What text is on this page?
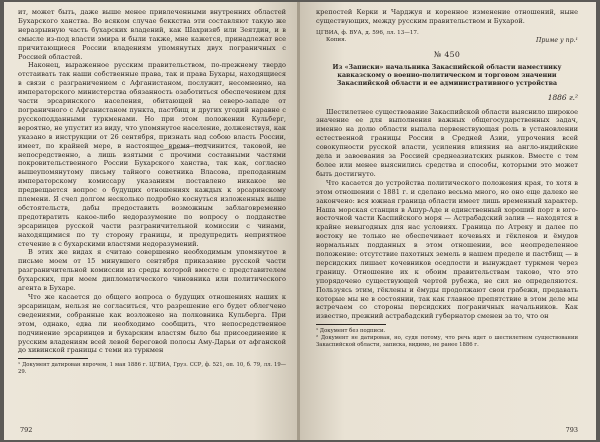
ит, может быть, даже выше менее привлеченными внутренних областей Бухарского ханства. Во всяком случае беккства эти составляют такую же неразрывную часть бухарских владений, как Шахризяб или Зеятдин, и в смысле из-под власти эмира и были также, мне кажется, принадлежат все причитающиеся России владениям упомянутых двух пограничных с Россией областей.

Наконец, выраженное русским правительством, по-прежнему твердо отстаивать так наши собственные права, так и права Бухары, находящиеся в связи с разграничением с Афганистаном, послужит, несомненно, на императорского министерства обязанность озаботиться обеспечением для части эрсаринского населения, обитающей на северо-западе от пограничного с Афганистаном пункта, пастбищ и других угодий наравне с русскоподданными туркменами. Но при этом положении Кульберг, вероятно, не упустит из виду, что упомянутое население, долженствуя, как указано в инструкции от 26 сентября, признать над собою власть России, имеет, по крайней мере, в настоящее время подчинится, таковой, не непосредственно, а лишь взятыми с прочими составными частями покровительственного России Бухарского ханства, так как, согласно вышеупомянутому письму тайного советника Власова, преподанным императорскому комиссару указаниям поставлено никакое не предвещается вопрос о будущих отношениях каждых к эрсаринскому племени. Я счел долгом несколько подробно коснуться изложенных выше обстоятельств, дабы предоставить возможным заблаговременно предотвратить какое-либо недоразумение по вопросу о подданстве эрсаринцев русской части разграничительной комиссии с чинами, находящимися по ту сторону границы, и предупредить неприятное стечение в с бухарскими властями недоразумений.

В этих же видах я считаю совершенно необходимым упомянутое в письме моем от 15 минувшего сентября приказание русской части разграничительной комиссии из среды которой вместе с представителем бухарских, при моем дипломатического чиновника или политического агента в Бухаре.

Что же касается до общего вопроса о будущих отношениях наших к эрсаринцам, нельзя не согласиться, что разрешение его будет облегчено сведениями, собранные как возложено на полковника Кульберга. При этом, однако, едва ли необходимо сообщить, что непосредственное подчинение эрсаринцев и бухарским властям было бы присоединение к русским владениям всей левой береговой полосы Аму-Дарьи от афганской до хивинской границы с теми из туркмен

¹ Документ датирован впрочем, 1 мая 1886 г. ЦГВИА, Груз. ССР, ф. 521, оп. 10, б. 79, лл. 19—29.

792

крепостей Керки и Чарджуя и коренное изменение отношений, ныне существующих, между русским правительством и Бухарой.

ЦГВИА, ф. ВУА, д. 596, лл. 13—17.

Копия.	Приме у пр.¹

№ 450
Из «Записки» начальника Закаспийской области наместнику кавказскому о военно-политическом и торговом значении Закаспийской области и ее административного устройства
1886 г.²

Шестилетнее существование Закаспийской области выяснило широкое значение ее для выполнения важных общегосударственных задач, именно на долю области выпала первенствующая роль в установлении естественной границы России в Средней Азии, упрочения всей совокупности русской власти, усиления влияния на англо-индийские дела и завоевания за Россией среднеазиатских рынков. Вместе с тем более или менее выяснились средства и способы, которыми это может быть достигнуто.

Что касается до устройства политического положения края, то хотя в этом отношении с 1881 г. и сделано весьма много, но оно еще далеко не закончено: вся южная граница области имеет лишь временный характер. Наша морская станция в Ашур-Аде и единственный хороший порт в юго-восточной части Каспийского моря — Астрабадский залив — находятся в крайне невыгодных для нас условиях. Граница по Атреку и далее по востоку не только не обеспечивает кочевьях и гёкленов и ёмудов нормальных подданных в этом отношении, все неопределенное положение: отсутствие пахотных земель в нашем пределе и пастбищ — в персидских лишает кочевников оседлости и вынуждает туркмен через границу. Отношение их к обоим правительствам таково, что это упорядочено существующей чертой рубежа, не сил не определяются. Пользуясь этим, гёклены и ёмуды продолжают свои грабежи, предавать которые мы не в состоянии, так как главное препятствие в этом деле мы встречаем со стороны персидских пограничных начальников. Как известно, прежний астрабадский губернатор сменен за то, что он

¹ Документ без подписи.

² Документ не датирован, но, судя потому, что речь идет о шестилетнем существовании Закаспийской области, записка, видимо, не ранее 1886 г.

793
